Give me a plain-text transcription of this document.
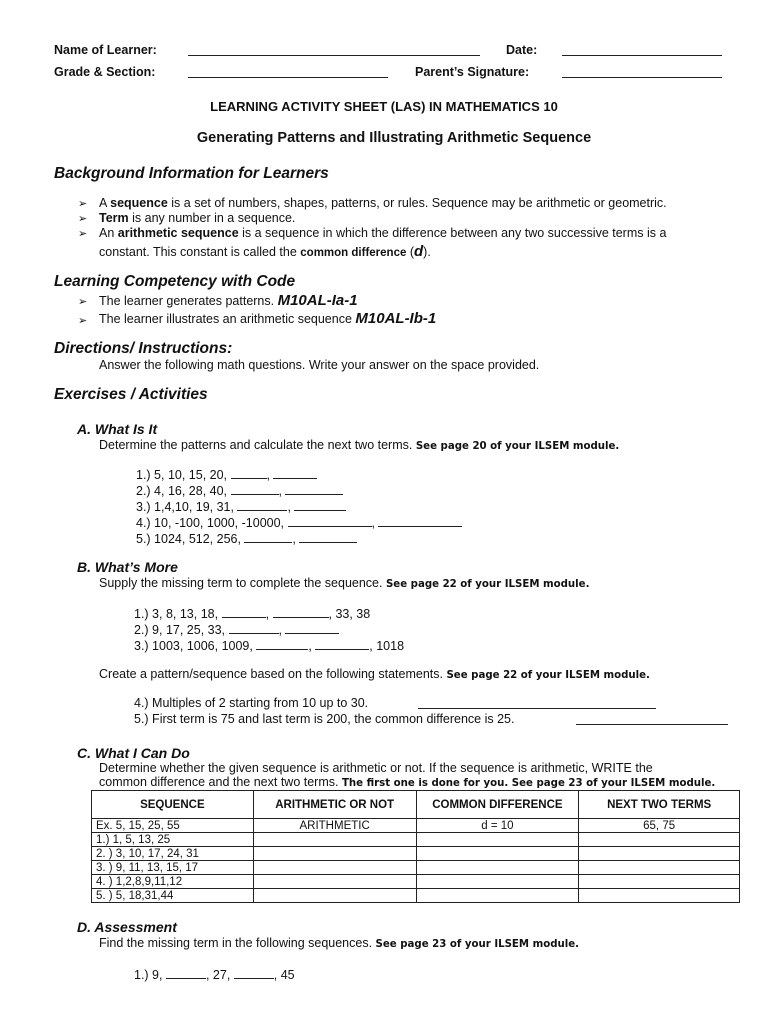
Name of Learner:	Date:
Grade & Section:	Parent’s Signature:
LEARNING ACTIVITY SHEET (LAS) IN MATHEMATICS 10
Generating Patterns and Illustrating Arithmetic Sequence
Background Information for Learners
➢ A sequence is a set of numbers, shapes, patterns, or rules. Sequence may be arithmetic or geometric.
➢ Term is any number in a sequence.
➢ An arithmetic sequence is a sequence in which the difference between any two successive terms is a
constant. This constant is called the common difference (d).
Learning Competency with Code
➢ The learner generates patterns. M10AL-Ia-1
➢ The learner illustrates an arithmetic sequence M10AL-Ib-1
Directions/ Instructions:
Answer the following math questions. Write your answer on the space provided.
Exercises / Activities
A. What Is It
Determine the patterns and calculate the next two terms. See page 20 of your ILSEM module.
1.) 5, 10, 15, 20,	,
2.) 4, 16, 28, 40,	,
3.) 1,4,10, 19, 31,	,
4.) 10, -100, 1000, -10000,	,
5.) 1024, 512, 256,	,
B. What’s More
Supply the missing term to complete the sequence. See page 22 of your ILSEM module.
1.) 3, 8, 13, 18,	,	, 33, 38
2.) 9, 17, 25, 33,	,
3.) 1003, 1006, 1009,	,	, 1018
Create a pattern/sequence based on the following statements. See page 22 of your ILSEM module.
4.) Multiples of 2 starting from 10 up to 30.
5.) First term is 75 and last term is 200, the common difference is 25.
C. What I Can Do
Determine whether the given sequence is arithmetic or not. If the sequence is arithmetic, WRITE the
common difference and the next two terms. The first one is done for you. See page 23 of your ILSEM module.
SEQUENCE	ARITHMETIC OR NOT	COMMON DIFFERENCE	NEXT TWO TERMS
Ex. 5, 15, 25, 55	ARITHMETIC	d = 10	65, 75
1.) 1, 5, 13, 25			
2. ) 3, 10, 17, 24, 31			
3. ) 9, 11, 13, 15, 17			
4. ) 1,2,8,9,11,12			
5. ) 5, 18,31,44			
D. Assessment
Find the missing term in the following sequences. See page 23 of your ILSEM module.
1.) 9,	, 27,	, 45
